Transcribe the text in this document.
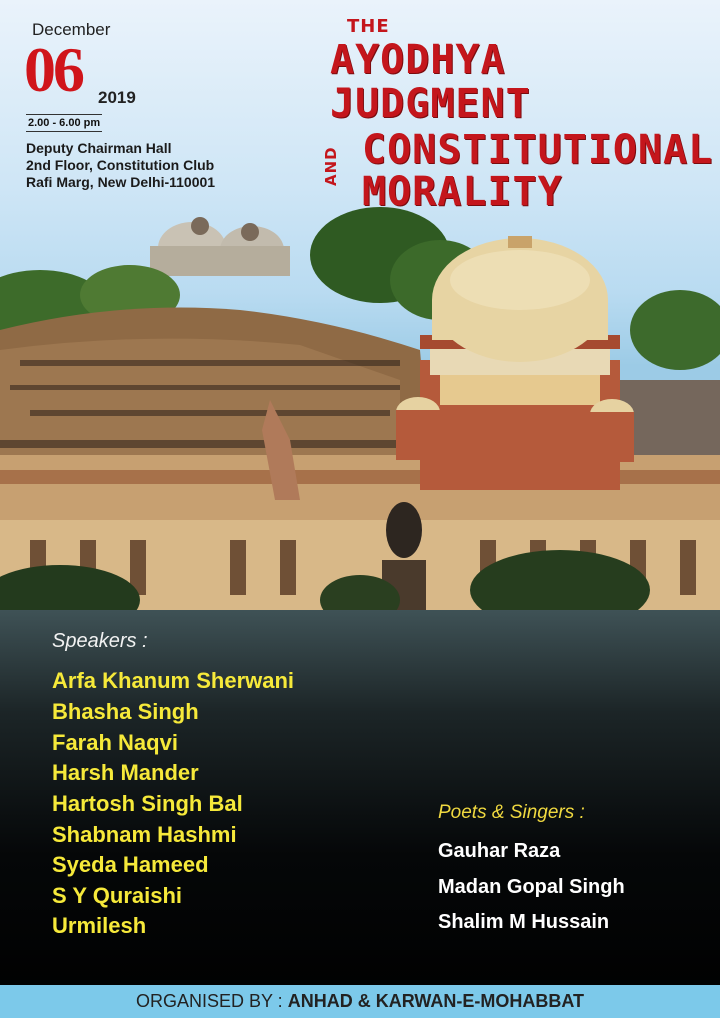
December
06 2019
2.00 - 6.00 pm
Deputy Chairman Hall
2nd Floor, Constitution Club
Rafi Marg, New Delhi-110001
THE
AYODHYA
JUDGMENT
AND CONSTITUTIONAL
MORALITY
Speakers :
Arfa Khanum Sherwani
Bhasha Singh
Farah Naqvi
Harsh Mander
Hartosh Singh Bal
Shabnam Hashmi
Syeda Hameed
S Y Quraishi
Urmilesh
Poets & Singers :
Gauhar Raza
Madan Gopal Singh
Shalim M Hussain
ORGANISED BY : ANHAD & KARWAN-E-MOHABBAT
